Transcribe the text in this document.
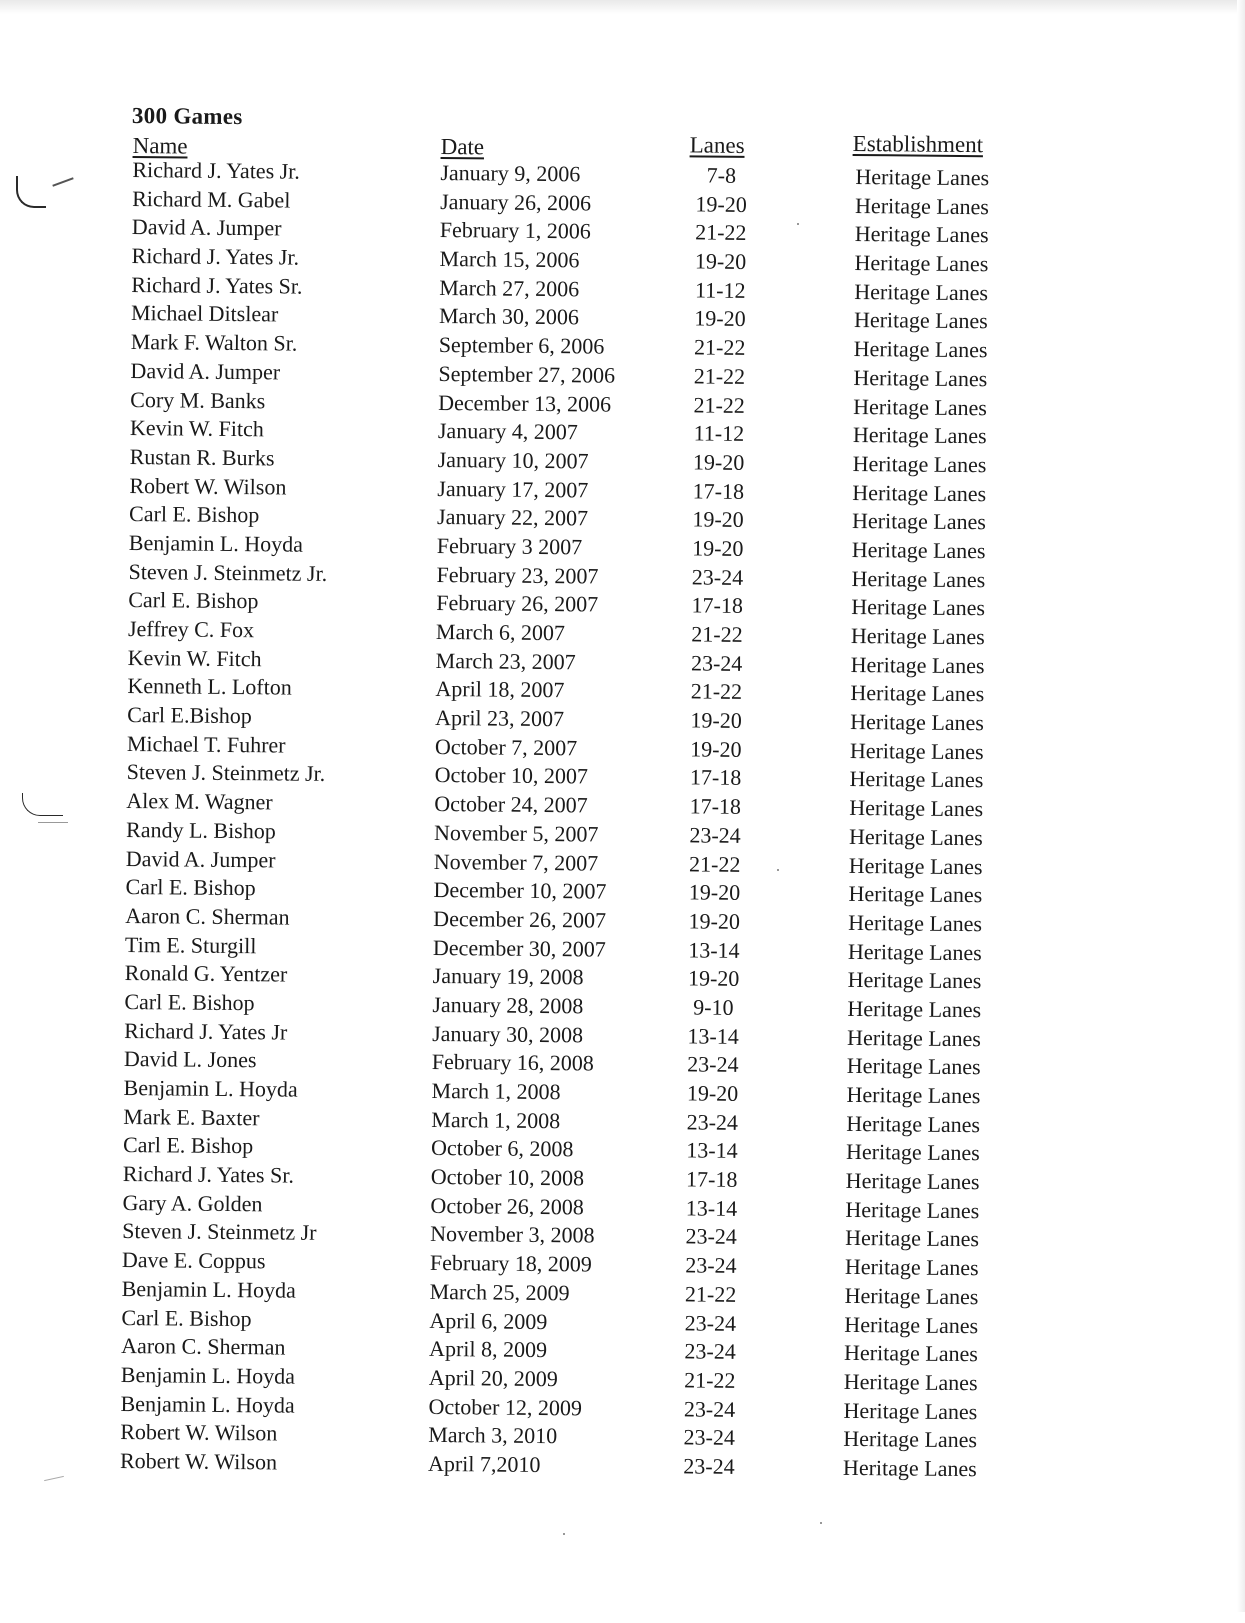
300 Games
Name	Date	Lanes	Establishment
Richard J. Yates Jr.	January 9, 2006	7-8	Heritage Lanes
Richard M. Gabel	January 26, 2006	19-20	Heritage Lanes
David A. Jumper	February 1, 2006	21-22	Heritage Lanes
Richard J. Yates Jr.	March 15, 2006	19-20	Heritage Lanes
Richard J. Yates Sr.	March 27, 2006	11-12	Heritage Lanes
Michael Ditslear	March 30, 2006	19-20	Heritage Lanes
Mark F. Walton Sr.	September 6, 2006	21-22	Heritage Lanes
David A. Jumper	September 27, 2006	21-22	Heritage Lanes
Cory M. Banks	December 13, 2006	21-22	Heritage Lanes
Kevin W. Fitch	January 4, 2007	11-12	Heritage Lanes
Rustan R. Burks	January 10, 2007	19-20	Heritage Lanes
Robert W. Wilson	January 17, 2007	17-18	Heritage Lanes
Carl E. Bishop	January 22, 2007	19-20	Heritage Lanes
Benjamin L. Hoyda	February 3 2007	19-20	Heritage Lanes
Steven J. Steinmetz Jr.	February 23, 2007	23-24	Heritage Lanes
Carl E. Bishop	February 26, 2007	17-18	Heritage Lanes
Jeffrey C. Fox	March 6, 2007	21-22	Heritage Lanes
Kevin W. Fitch	March 23, 2007	23-24	Heritage Lanes
Kenneth L. Lofton	April 18, 2007	21-22	Heritage Lanes
Carl E.Bishop	April 23, 2007	19-20	Heritage Lanes
Michael T. Fuhrer	October 7, 2007	19-20	Heritage Lanes
Steven J. Steinmetz Jr.	October 10, 2007	17-18	Heritage Lanes
Alex M. Wagner	October 24, 2007	17-18	Heritage Lanes
Randy L. Bishop	November 5, 2007	23-24	Heritage Lanes
David A. Jumper	November 7, 2007	21-22	Heritage Lanes
Carl E. Bishop	December 10, 2007	19-20	Heritage Lanes
Aaron C. Sherman	December 26, 2007	19-20	Heritage Lanes
Tim E. Sturgill	December 30, 2007	13-14	Heritage Lanes
Ronald G. Yentzer	January 19, 2008	19-20	Heritage Lanes
Carl E. Bishop	January 28, 2008	9-10	Heritage Lanes
Richard J. Yates Jr	January 30, 2008	13-14	Heritage Lanes
David L. Jones	February 16, 2008	23-24	Heritage Lanes
Benjamin L. Hoyda	March 1, 2008	19-20	Heritage Lanes
Mark E. Baxter	March 1, 2008	23-24	Heritage Lanes
Carl E. Bishop	October 6, 2008	13-14	Heritage Lanes
Richard J. Yates Sr.	October 10, 2008	17-18	Heritage Lanes
Gary A. Golden	October 26, 2008	13-14	Heritage Lanes
Steven J. Steinmetz Jr	November 3, 2008	23-24	Heritage Lanes
Dave E. Coppus	February 18, 2009	23-24	Heritage Lanes
Benjamin L. Hoyda	March 25, 2009	21-22	Heritage Lanes
Carl E. Bishop	April 6, 2009	23-24	Heritage Lanes
Aaron C. Sherman	April 8, 2009	23-24	Heritage Lanes
Benjamin L. Hoyda	April 20, 2009	21-22	Heritage Lanes
Benjamin L. Hoyda	October 12, 2009	23-24	Heritage Lanes
Robert W. Wilson	March 3, 2010	23-24	Heritage Lanes
Robert W. Wilson	April 7,2010	23-24	Heritage Lanes
